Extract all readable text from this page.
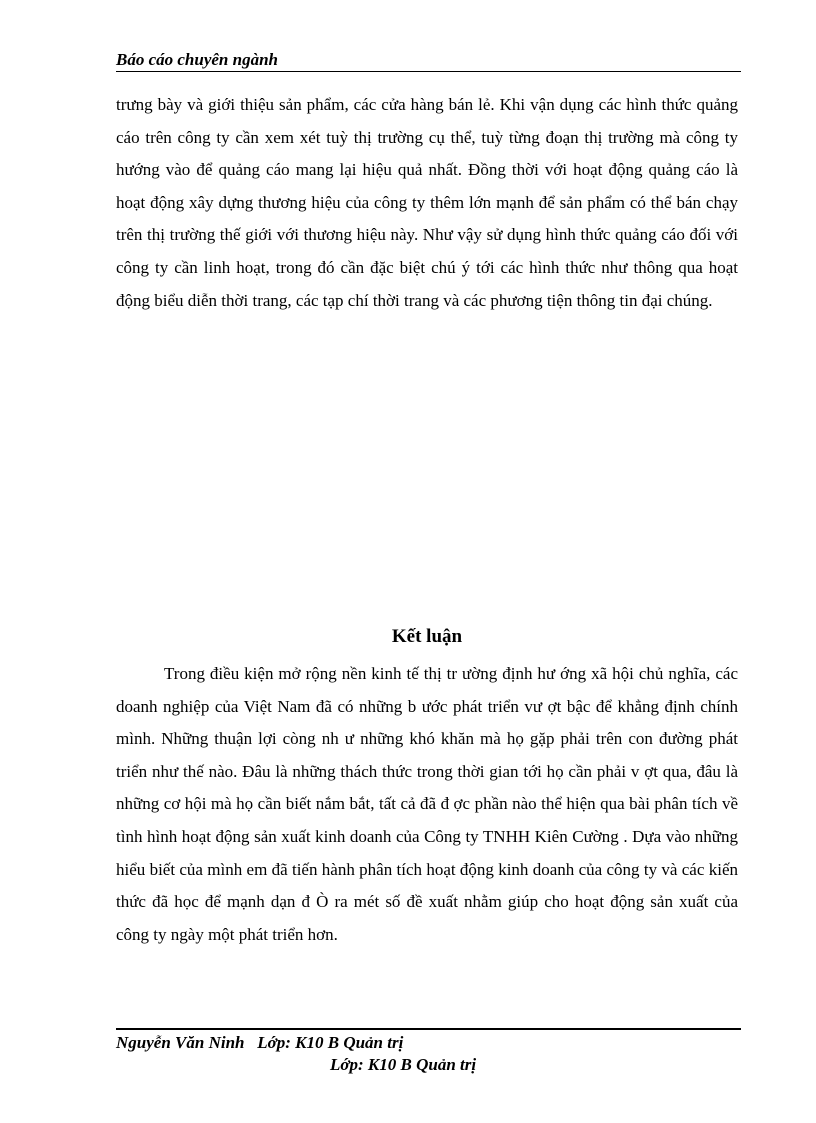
Báo cáo chuyên ngành

trưng bày và giới thiệu sản phẩm, các cửa hàng bán lẻ. Khi vận dụng các hình thức quảng cáo trên công ty cần xem xét tuỳ thị trường cụ thể, tuỳ từng đoạn thị trường mà công ty hướng vào để quảng cáo mang lại hiệu quả nhất. Đồng thời với hoạt động quảng cáo là hoạt động xây dựng thương hiệu của công ty thêm lớn mạnh để sản phẩm có thể bán chạy trên thị trường thế giới với thương hiệu này. Như vậy sử dụng hình thức quảng cáo đối với công ty cần linh hoạt, trong đó cần đặc biệt chú ý tới các hình thức như thông qua hoạt động biểu diễn thời trang, các tạp chí thời trang và các phương tiện thông tin đại chúng.

Kết luận

Trong điều kiện mở rộng nền kinh tế thị tr ường định hư ớng xã hội chủ nghĩa, các doanh nghiệp của Việt Nam đã có những b ước phát triển vư ợt bậc để khẳng định chính mình. Những thuận lợi còng nh ư những khó khăn mà họ gặp phải trên con đường phát triển như thế nào. Đâu là những thách thức trong thời gian tới họ cần phải v ợt qua, đâu là những cơ hội mà họ cần biết nắm bắt, tất cả đã đ ợc phần nào thể hiện qua bài phân tích về tình hình hoạt động sản xuất kinh doanh của Công ty TNHH Kiên Cường . Dựa vào những hiểu biết của mình em đã tiến hành phân tích hoạt động kinh doanh của công ty và các kiến thức đã học để mạnh dạn đ Ò ra mét số đề xuất nhằm giúp cho hoạt động sản xuất của công ty ngày một phát triển hơn.

Nguyễn Văn Ninh Lớp: K10 B Quản trị
Lớp: K10 B Quản trị
